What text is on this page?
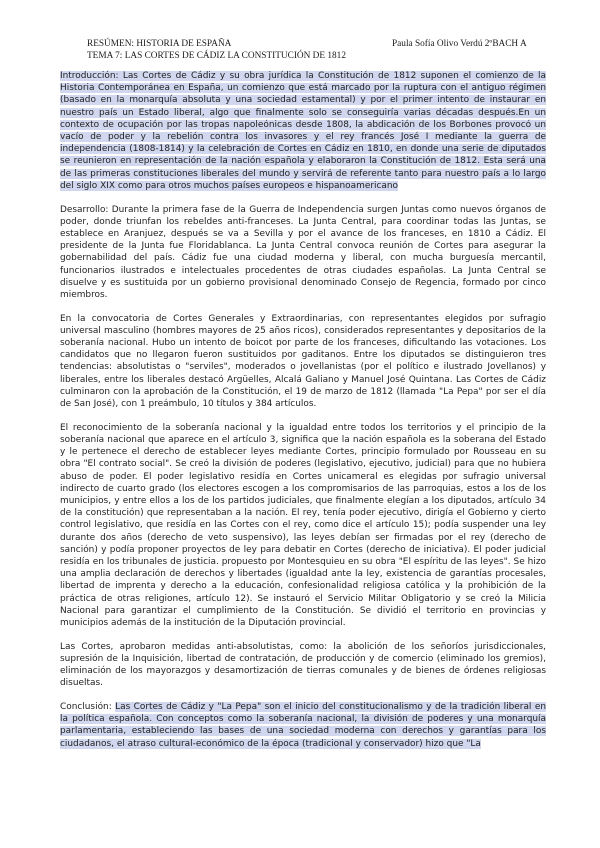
RESÚMEN: HISTORIA DE ESPAÑA
TEMA 7: LAS CORTES DE CÁDIZ LA CONSTITUCIÓN DE 1812
Paula Sofía Olivo Verdú 2ºBACH A

Introducción: Las Cortes de Cádiz y su obra jurídica la Constitución de 1812 suponen el comienzo de la Historia Contemporánea en España, un comienzo que está marcado por la ruptura con el antiguo régimen (basado en la monarquía absoluta y una sociedad estamental) y por el primer intento de instaurar en nuestro país un Estado liberal, algo que finalmente solo se conseguiría varias décadas después.En un contexto de ocupación por las tropas napoleónicas desde 1808, la abdicación de los Borbones provocó un vacío de poder y la rebelión contra los invasores y el rey francés José I mediante la guerra de independencia (1808-1814) y la celebración de Cortes en Cádiz en 1810, en donde una serie de diputados se reunieron en representación de la nación española y elaboraron la Constitución de 1812. Esta será una de las primeras constituciones liberales del mundo y servirá de referente tanto para nuestro país a lo largo del siglo XIX como para otros muchos países europeos e hispanoamericano

Desarrollo: Durante la primera fase de la Guerra de Independencia surgen Juntas como nuevos órganos de poder, donde triunfan los rebeldes anti-franceses. La Junta Central, para coordinar todas las Juntas, se establece en Aranjuez, después se va a Sevilla y por el avance de los franceses, en 1810 a Cádiz. El presidente de la Junta fue Floridablanca. La Junta Central convoca reunión de Cortes para asegurar la gobernabilidad del país. Cádiz fue una ciudad moderna y liberal, con mucha burguesía mercantil, funcionarios ilustrados e intelectuales procedentes de otras ciudades españolas. La Junta Central se disuelve y es sustituida por un gobierno provisional denominado Consejo de Regencia, formado por cinco miembros.

En la convocatoria de Cortes Generales y Extraordinarias, con representantes elegidos por sufragio universal masculino (hombres mayores de 25 años ricos), considerados representantes y depositarios de la soberanía nacional. Hubo un intento de boicot por parte de los franceses, dificultando las votaciones. Los candidatos que no llegaron fueron sustituidos por gaditanos. Entre los diputados se distinguieron tres tendencias: absolutistas o "serviles", moderados o jovellanistas (por el político e ilustrado Jovellanos) y liberales, entre los liberales destacó Argüelles, Alcalá Galiano y Manuel José Quintana. Las Cortes de Cádiz culminaron con la aprobación de la Constitución, el 19 de marzo de 1812 (llamada "La Pepa" por ser el día de San José), con 1 preámbulo, 10 títulos y 384 artículos.

El reconocimiento de la soberanía nacional y la igualdad entre todos los territorios y el principio de la soberanía nacional que aparece en el artículo 3, significa que la nación española es la soberana del Estado y le pertenece el derecho de establecer leyes mediante Cortes, principio formulado por Rousseau en su obra "El contrato social". Se creó la división de poderes (legislativo, ejecutivo, judicial) para que no hubiera abuso de poder. El poder legislativo residía en Cortes unicameral es elegidas por sufragio universal indirecto de cuarto grado (los electores escogen a los compromisarios de las parroquias, estos a los de los municipios, y entre ellos a los de los partidos judiciales, que finalmente elegían a los diputados, artículo 34 de la constitución) que representaban a la nación. El rey, tenía poder ejecutivo, dirigía el Gobierno y cierto control legislativo, que residía en las Cortes con el rey, como dice el artículo 15); podía suspender una ley durante dos años (derecho de veto suspensivo), las leyes debían ser firmadas por el rey (derecho de sanción) y podía proponer proyectos de ley para debatir en Cortes (derecho de iniciativa). El poder judicial residía en los tribunales de justicia. propuesto por Montesquieu en su obra "El espíritu de las leyes". Se hizo una amplia declaración de derechos y libertades (igualdad ante la ley, existencia de garantías procesales, libertad de imprenta y derecho a la educación, confesionalidad religiosa católica y la prohibición de la práctica de otras religiones, artículo 12). Se instauró el Servicio Militar Obligatorio y se creó la Milicia Nacional para garantizar el cumplimiento de la Constitución. Se dividió el territorio en provincias y municipios además de la institución de la Diputación provincial.

Las Cortes, aprobaron medidas anti-absolutistas, como: la abolición de los señoríos jurisdiccionales, supresión de la Inquisición, libertad de contratación, de producción y de comercio (eliminado los gremios), eliminación de los mayorazgos y desamortización de tierras comunales y de bienes de órdenes religiosas disueltas.

Conclusión: Las Cortes de Cádiz y "La Pepa" son el inicio del constitucionalismo y de la tradición liberal en la política española. Con conceptos como la soberanía nacional, la división de poderes y una monarquía parlamentaria, estableciendo las bases de una sociedad moderna con derechos y garantías para los ciudadanos, el atraso cultural-económico de la época (tradicional y conservador) hizo que "La
